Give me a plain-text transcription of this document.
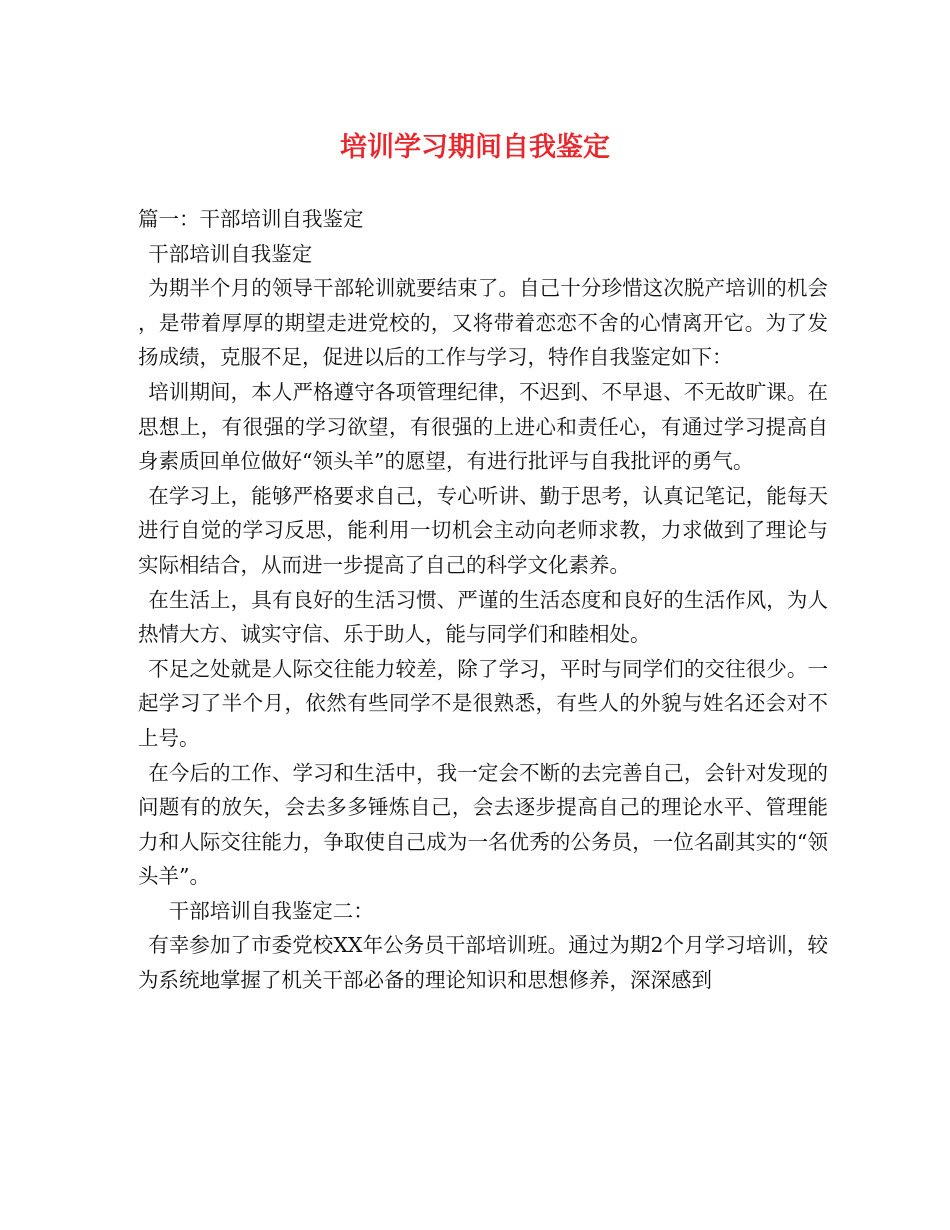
培训学习期间自我鉴定

篇一：干部培训自我鉴定

干部培训自我鉴定

为期半个月的领导干部轮训就要结束了。自己十分珍惜这次脱产培训的机会，是带着厚厚的期望走进党校的，又将带着恋恋不舍的心情离开它。为了发扬成绩，克服不足，促进以后的工作与学习，特作自我鉴定如下：

培训期间，本人严格遵守各项管理纪律，不迟到、不早退、不无故旷课。在思想上，有很强的学习欲望，有很强的上进心和责任心，有通过学习提高自身素质回单位做好“领头羊”的愿望，有进行批评与自我批评的勇气。

在学习上，能够严格要求自己，专心听讲、勤于思考，认真记笔记，能每天进行自觉的学习反思，能利用一切机会主动向老师求教，力求做到了理论与实际相结合，从而进一步提高了自己的科学文化素养。

在生活上，具有良好的生活习惯、严谨的生活态度和良好的生活作风，为人热情大方、诚实守信、乐于助人，能与同学们和睦相处。

不足之处就是人际交往能力较差，除了学习，平时与同学们的交往很少。一起学习了半个月，依然有些同学不是很熟悉，有些人的外貌与姓名还会对不上号。

在今后的工作、学习和生活中，我一定会不断的去完善自己，会针对发现的问题有的放矢，会去多多锤炼自己，会去逐步提高自己的理论水平、管理能力和人际交往能力，争取使自己成为一名优秀的公务员，一位名副其实的“领头羊”。

干部培训自我鉴定二：

有幸参加了市委党校XX年公务员干部培训班。通过为期2个月学习培训，较为系统地掌握了机关干部必备的理论知识和思想修养，深深感到
